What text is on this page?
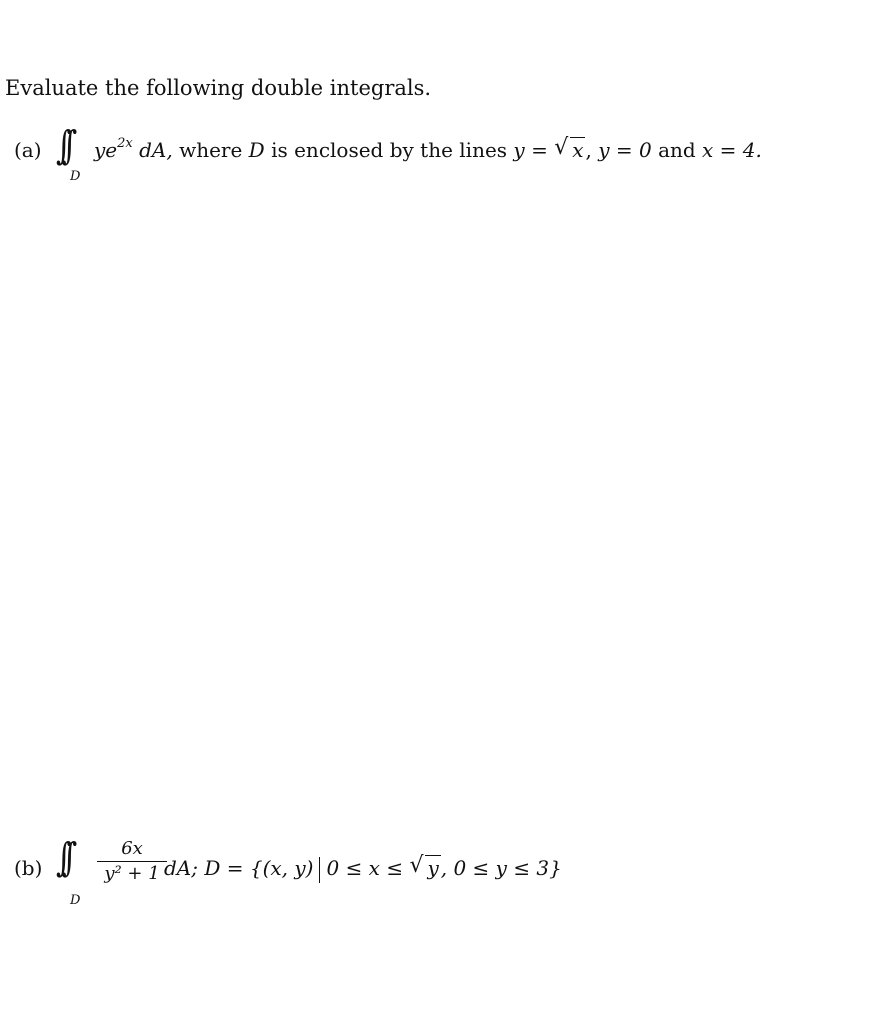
Evaluate the following double integrals.
(a) ∫∫
D
$ye^{2x}$ dA, where D is enclosed by the lines y = √ x , y = 0 and x = 4.
(b) ∫∫
D
6x
y² + 1 dA; D = {(x, y) 0 ≤ x ≤ √ y , 0 ≤ y ≤ 3}
